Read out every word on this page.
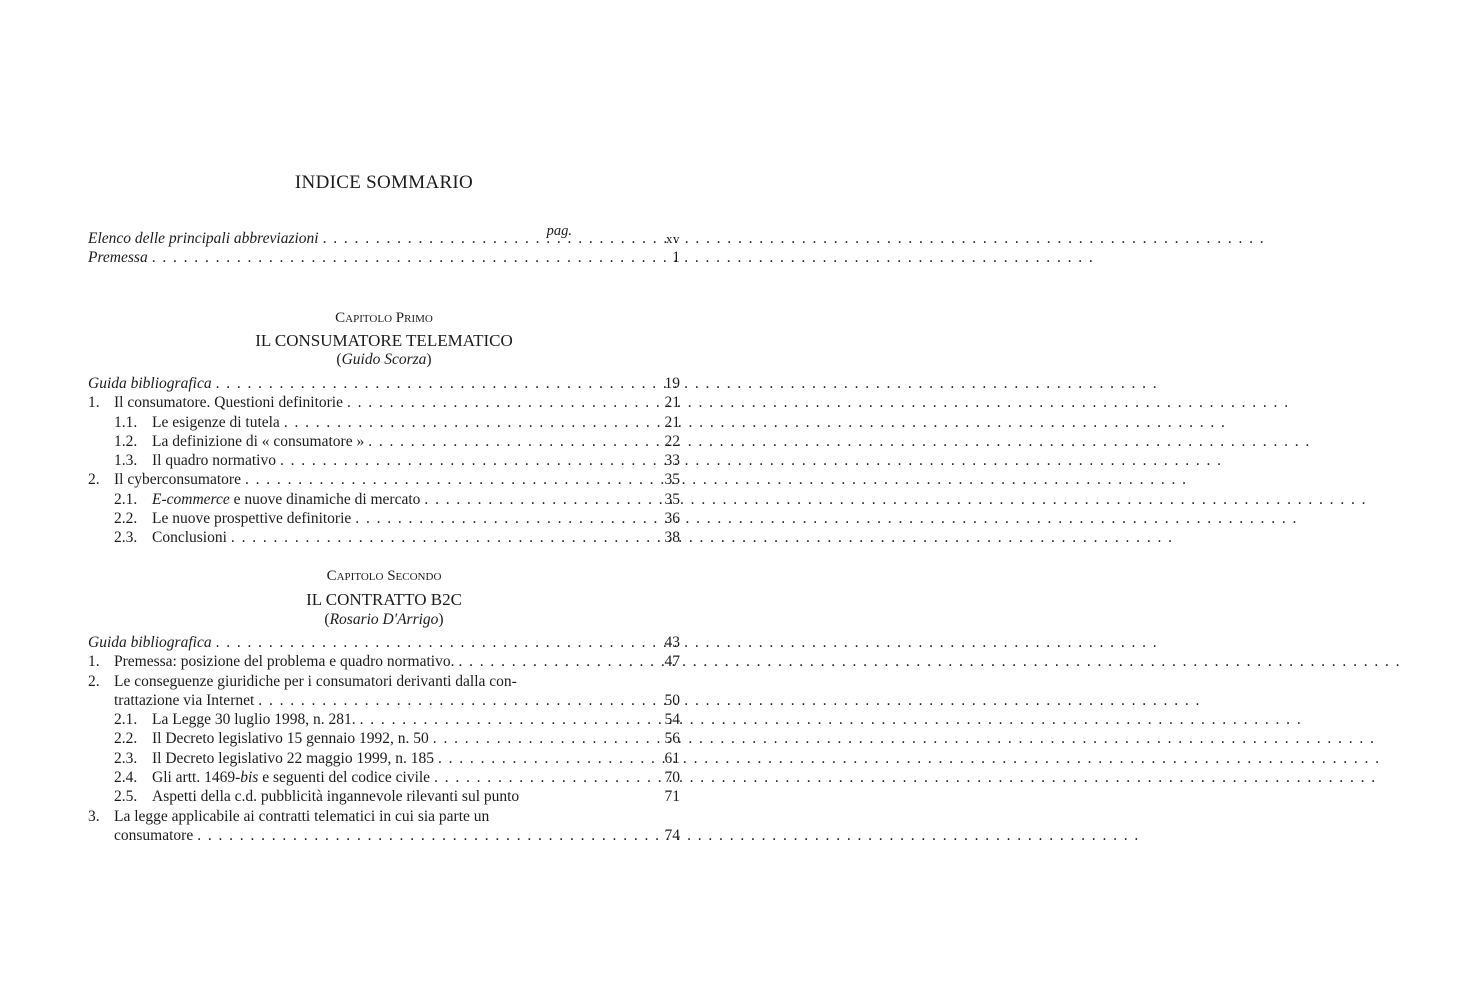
INDICE SOMMARIO
pag.
Elenco delle principali abbreviazioni . . .	xv
Premessa . . .	1
Capitolo Primo
IL CONSUMATORE TELEMATICO
(Guido Scorza)
Guida bibliografica . . .	19
1. Il consumatore. Questioni definitorie . . .	21
1.1. Le esigenze di tutela . . .	21
1.2. La definizione di « consumatore » . . .	22
1.3. Il quadro normativo . . .	33
2. Il cyberconsumatore . . .	35
2.1. E-commerce e nuove dinamiche di mercato . . .	35
2.2. Le nuove prospettive definitorie . . .	36
2.3. Conclusioni . . .	38
Capitolo Secondo
IL CONTRATTO B2C
(Rosario D'Arrigo)
Guida bibliografica . . .	43
1. Premessa: posizione del problema e quadro normativo. . . .	47
2. Le conseguenze giuridiche per i consumatori derivanti dalla con-
trattazione via Internet . . .	50
2.1. La Legge 30 luglio 1998, n. 281. . . .	54
2.2. Il Decreto legislativo 15 gennaio 1992, n. 50 . . .	56
2.3. Il Decreto legislativo 22 maggio 1999, n. 185 . . .	61
2.4. Gli artt. 1469-bis e seguenti del codice civile . . .	70
2.5. Aspetti della c.d. pubblicità ingannevole rilevanti sul punto	71
3. La legge applicabile ai contratti telematici in cui sia parte un
consumatore . . .	74
